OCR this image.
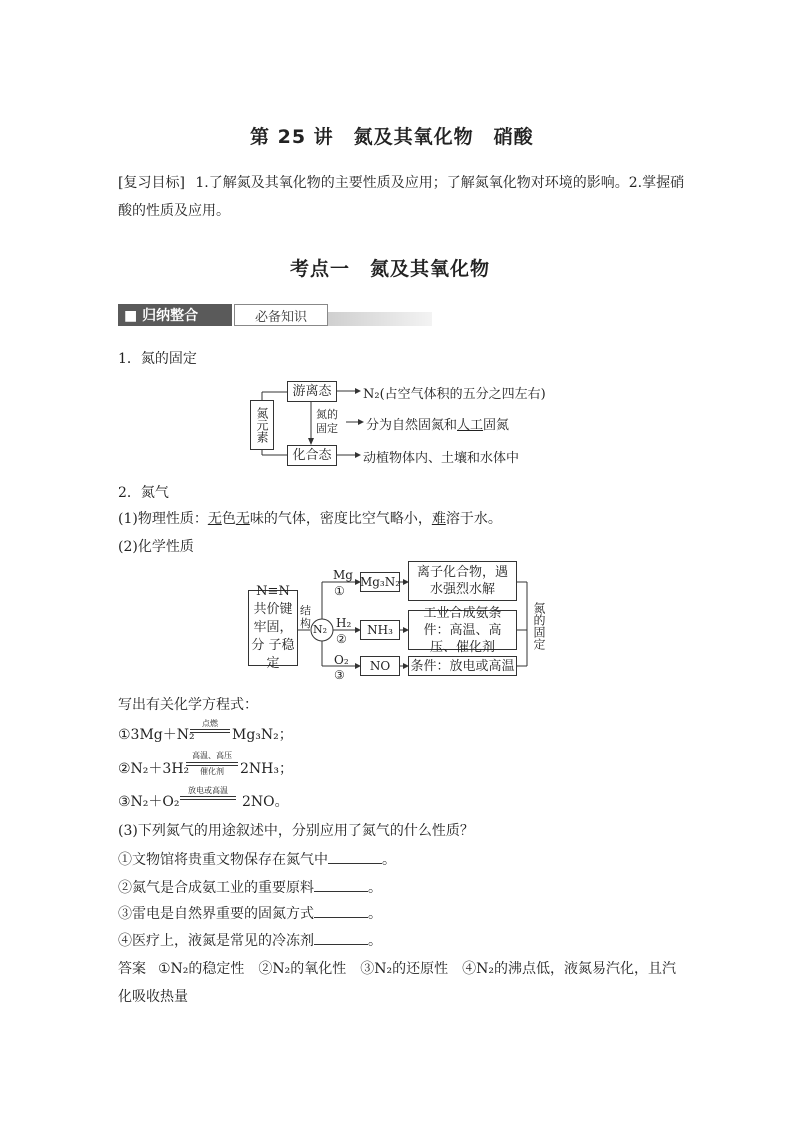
第 25 讲　氮及其氧化物　硝酸
[复习目标] 1.了解氮及其氧化物的主要性质及应用；了解氮氧化物对环境的影响。2.掌握硝
酸的性质及应用。
考点一　氮及其氧化物
■ 归纳整合	必备知识
1．氮的固定
氮元素
游离态
化合态
N₂(占空气体积的五分之四左右)
氮的固定	分为自然固氮和人工固氮
动植物体内、土壤和水体中
2．氮气
(1)物理性质：无色无味的气体，密度比空气略小，难溶于水。
(2)化学性质
N≡N 共价键 牢固，分 子稳定
结构 N₂
Mg
①
Mg₃N₂
离子化合物，遇水强烈水解
H₂
②
NH₃
工业合成氨条件：高温、高压、催化剂
O₂
③
NO	条件：放电或高温
氮的固定
写出有关化学方程式：
①3Mg＋N₂
点燃
Mg₃N₂；
②N₂＋3H₂
高温、高压
催化剂	2NH₃；
③N₂＋O₂
放电或高温
2NO。
(3)下列氮气的用途叙述中，分别应用了氮气的什么性质？
①文物馆将贵重文物保存在氮气中	。
②氮气是合成氨工业的重要原料	。
③雷电是自然界重要的固氮方式	。
④医疗上，液氮是常见的冷冻剂	。
答案 ①N₂的稳定性　②N₂的氧化性　③N₂的还原性　④N₂的沸点低，液氮易汽化，且汽
化吸收热量
